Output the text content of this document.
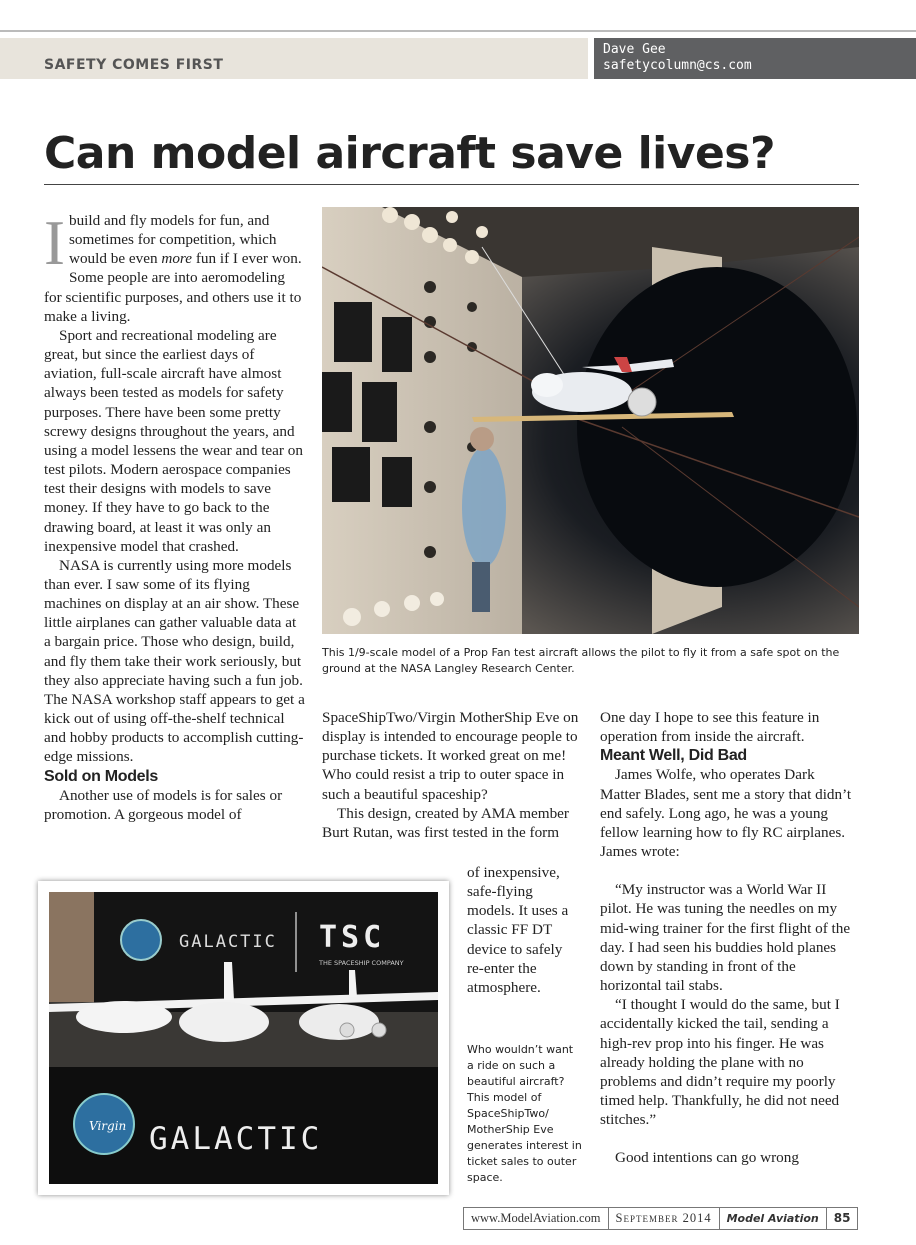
SAFETY COMES FIRST
Dave Gee
safetycolumn@cs.com
Can model aircraft save lives?

Ibuild and fly models for fun, and sometimes for competition, which would be even more fun if I ever won. Some people are into aeromodeling for scientific purposes, and others use it to make a living.

Sport and recreational modeling are great, but since the earliest days of aviation, full-scale aircraft have almost always been tested as models for safety purposes. There have been some pretty screwy designs throughout the years, and using a model lessens the wear and tear on test pilots. Modern aerospace companies test their designs with models to save money. If they have to go back to the drawing board, at least it was only an inexpensive model that crashed.

NASA is currently using more models than ever. I saw some of its flying machines on display at an air show. These little airplanes can gather valuable data at a bargain price. Those who design, build, and fly them take their work seriously, but they also appreciate having such a fun job. The NASA workshop staff appears to get a kick out of using off-the-shelf technical and hobby products to accomplish cutting-edge missions.

Sold on Models

Another use of models is for sales or promotion. A gorgeous model of

This 1/9-scale model of a Prop Fan test aircraft allows the pilot to fly it from a safe spot on the ground at the NASA Langley Research Center.

SpaceShipTwo/Virgin MotherShip Eve on display is intended to encourage people to purchase tickets. It worked great on me! Who could resist a trip to outer space in such a beautiful spaceship?

This design, created by AMA member Burt Rutan, was first tested in the form

of inexpensive, safe-flying models. It uses a classic FF DT device to safely re-enter the atmosphere.

Who wouldn’t want a ride on such a beautiful aircraft? This model of SpaceShipTwo/ MotherShip Eve generates interest in ticket sales to outer space.

One day I hope to see this feature in operation from inside the aircraft.

Meant Well, Did Bad

James Wolfe, who operates Dark Matter Blades, sent me a story that didn’t end safely. Long ago, he was a young fellow learning how to fly RC airplanes. James wrote:

“My instructor was a World War II pilot. He was tuning the needles on my mid-wing trainer for the first flight of the day. I had seen his buddies hold planes down by standing in front of the horizontal tail stabs.

“I thought I would do the same, but I accidentally kicked the tail, sending a high-rev prop into his finger. He was already holding the plane with no problems and didn’t require my poorly timed help. Thankfully, he did not need stitches.”

Good intentions can go wrong

GALACTIC TSC
THE SPACESHIP COMPANY
Virgin GALACTIC
www.ModelAviation.com	September 2014	Model Aviation	85
